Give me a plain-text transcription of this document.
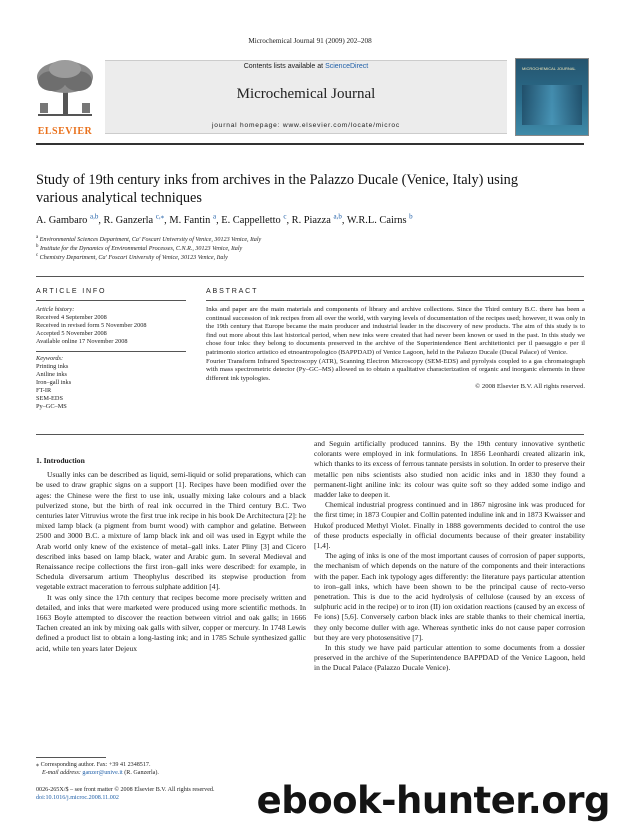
Microchemical Journal 91 (2009) 202–208
ELSEVIER
Contents lists available at ScienceDirect
Microchemical Journal
journal homepage: www.elsevier.com/locate/microc
MICROCHEMICAL JOURNAL
Study of 19th century inks from archives in the Palazzo Ducale (Venice, Italy) using
various analytical techniques
A. Gambaro $^{a,b}$, R. Ganzerla $^{c,⁎}$, M. Fantin $^a$, E. Cappelletto $^c$, R. Piazza $^{a,b}$, W.R.L. Cairns $^b$
$^a$ Environmental Sciences Department, Ca' Foscari University of Venice, 30123 Venice, Italy
$^b$ Institute for the Dynamics of Environmental Processes, C.N.R., 30123 Venice, Italy
$^c$ Chemistry Department, Ca' Foscari University of Venice, 30123 Venice, Italy
ARTICLE INFO
Article history:
Received 4 September 2008
Received in revised form 5 November 2008
Accepted 5 November 2008
Available online 17 November 2008
Keywords:
Printing inks
Aniline inks
Iron–gall inks
FT-IR
SEM-EDS
Py–GC–MS
ABSTRACT
Inks and paper are the main materials and components of library and archive collections. Since the Third century B.C. there has been a continual succession of ink recipes from all over the world, with varying levels of documentation of the recipes used; however, it was only in the 19th century that Europe became the main producer and industrial leader in the discovery of new products. The aim of this study is to find out more about this last historical period, when new inks were created that had never been known or used in the past. In this study we chose four inks: they belong to documents preserved in the archive of the Superintendence Beni architettonici per il paesaggio e per il patrimonio storico artistico ed etnoantropologico (BAPPDAD) of Venice Lagoon, held in the Palazzo Ducale (Ducal Palace) of Venice.
Fourier Transform Infrared Spectroscopy (ATR), Scanning Electron Microscopy (SEM-EDS) and pyrolysis coupled to a gas chromatograph with mass spectrometric detector (Py–GC–MS) allowed us to obtain a qualitative characterization of organic and inorganic elements in three different ink typologies.
© 2008 Elsevier B.V. All rights reserved.
1. Introduction

Usually inks can be described as liquid, semi-liquid or solid preparations, which can be used to draw graphic signs on a support [1]. Recipes have been modified over the ages: the Chinese were the first to use ink, usually mixing lake colours and a black pulverized stone, but the birth of real ink occurred in the Third century B.C. Two centuries later Vitruvius wrote the first true ink recipe in his book De Architectura [2]: he mixed lamp black (a pigment from burnt wood) with camphor and gelatine. Between 2500 and 3000 B.C. a mixture of lamp black ink and oil was used in Egypt while the Arab world only knew of the existence of metal–gall inks. Later Pliny [3] and Cicero described inks based on lamp black, water and Arabic gum. In several Medieval and Renaissance recipe collections the first iron–gall inks were described: for example, in Schedula diversarum artium Theophylus described its stepwise production from vegetable extract maceration to ferrous sulphate addition [4].

It was only since the 17th century that recipes become more precisely written and detailed, and inks that were marketed were produced using more scientific methods. In 1663 Boyle attempted to discover the reaction between vitriol and oak galls; in 1666 Tachen created an ink by mixing oak galls with silver, copper or mercury. In 1748 Lewis defined a product list to obtain a long-lasting ink; and in 1785 Schule synthesized gallic acid, while ten years later Dejeux

and Seguin artificially produced tannins. By the 19th century innovative synthetic colorants were employed in ink formulations. In 1856 Leonhardi created alizarin ink, which thanks to its excess of ferrous tannate persists in solution. In order to preserve their metallic pen nibs scientists also studied non acidic inks and in 1830 they found a permanent-light aniline ink: its colour was quite soft so they added some indigo and madder lake to deepen it.

Chemical industrial progress continued and in 1867 nigrosine ink was produced for the first time; in 1873 Coupier and Collin patented induline ink and in 1873 Kwaisser and Hukof produced Methyl Violet. Finally in 1888 governments decided to control the use of these products especially in official documents because of their greater instability [1,4].

The aging of inks is one of the most important causes of corrosion of paper supports, the mechanism of which depends on the nature of the components and their interactions with the paper. Each ink typology ages differently: the literature pays particular attention to iron–gall inks, which have been shown to be the principal cause of recto-verso penetration. This is due to the acid hydrolysis of cellulose (caused by an excess of sulphuric acid in the recipe) or to iron (II) ion oxidation reactions (caused by an excess of Fe ions) [5,6]. Conversely carbon black inks are stable thanks to their chemical inertia, they only become duller with age. Whereas synthetic inks do not cause paper corrosion but they are very photosensitive [7].

In this study we have paid particular attention to some documents from a dossier preserved in the archive of the Superintendence BAPPDAD of the Venice Lagoon, held in the Ducal Palace (Palazzo Ducale Venice).

⁎ Corresponding author. Fax: +39 41 2348517.
E-mail address: ganzer@unive.it (R. Ganzerla).
0026-265X/$ – see front matter © 2008 Elsevier B.V. All rights reserved.
doi:10.1016/j.microc.2008.11.002	ebook-hunter.org
